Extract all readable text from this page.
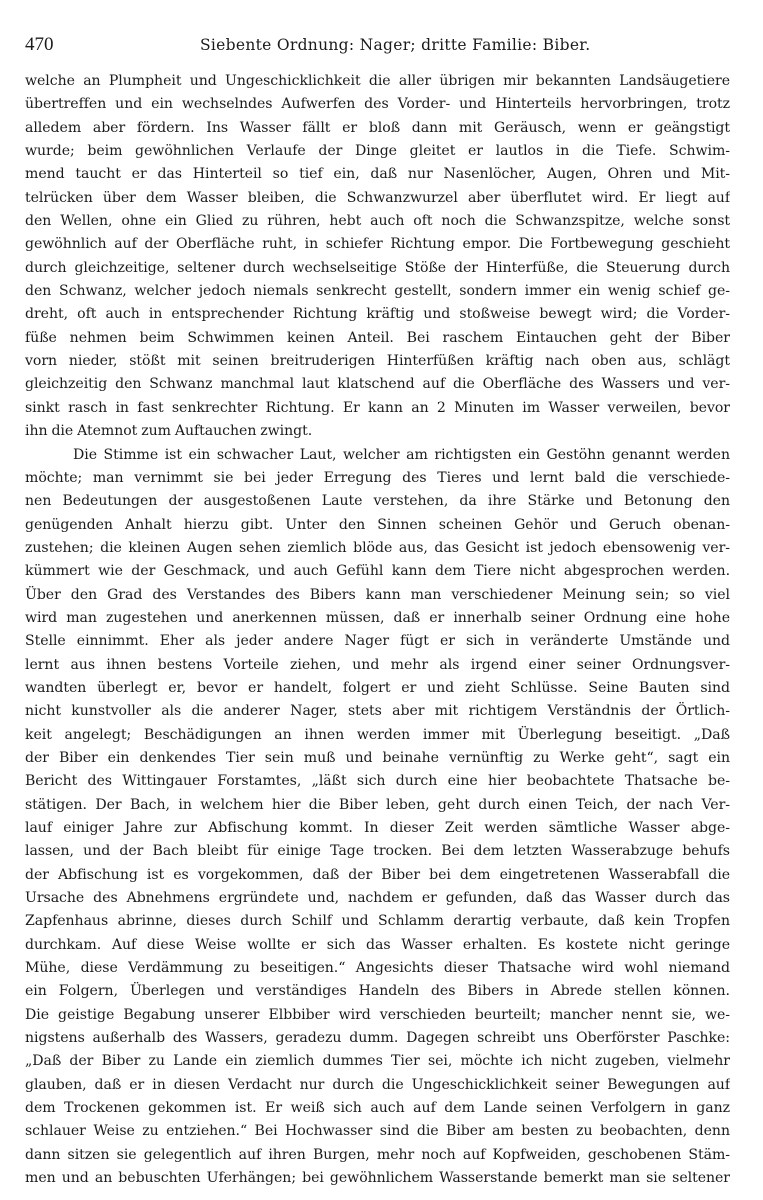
470	Siebente Ordnung: Nager; dritte Familie: Biber.
welche an Plumpheit und Ungeschicklichkeit die aller übrigen mir bekannten Landsäugetiere
übertreffen und ein wechselndes Aufwerfen des Vorder- und Hinterteils hervorbringen, trotz
alledem aber fördern. Ins Wasser fällt er bloß dann mit Geräusch, wenn er geängstigt
wurde; beim gewöhnlichen Verlaufe der Dinge gleitet er lautlos in die Tiefe. Schwim-
mend taucht er das Hinterteil so tief ein, daß nur Nasenlöcher, Augen, Ohren und Mit-
telrücken über dem Wasser bleiben, die Schwanzwurzel aber überflutet wird. Er liegt auf
den Wellen, ohne ein Glied zu rühren, hebt auch oft noch die Schwanzspitze, welche sonst
gewöhnlich auf der Oberfläche ruht, in schiefer Richtung empor. Die Fortbewegung geschieht
durch gleichzeitige, seltener durch wechselseitige Stöße der Hinterfüße, die Steuerung durch
den Schwanz, welcher jedoch niemals senkrecht gestellt, sondern immer ein wenig schief ge-
dreht, oft auch in entsprechender Richtung kräftig und stoßweise bewegt wird; die Vorder-
füße nehmen beim Schwimmen keinen Anteil. Bei raschem Eintauchen geht der Biber
vorn nieder, stößt mit seinen breitruderigen Hinterfüßen kräftig nach oben aus, schlägt
gleichzeitig den Schwanz manchmal laut klatschend auf die Oberfläche des Wassers und ver-
sinkt rasch in fast senkrechter Richtung. Er kann an 2 Minuten im Wasser verweilen, bevor
ihn die Atemnot zum Auftauchen zwingt.
Die Stimme ist ein schwacher Laut, welcher am richtigsten ein Gestöhn genannt werden
möchte; man vernimmt sie bei jeder Erregung des Tieres und lernt bald die verschiede-
nen Bedeutungen der ausgestoßenen Laute verstehen, da ihre Stärke und Betonung den
genügenden Anhalt hierzu gibt. Unter den Sinnen scheinen Gehör und Geruch obenan-
zustehen; die kleinen Augen sehen ziemlich blöde aus, das Gesicht ist jedoch ebensowenig ver-
kümmert wie der Geschmack, und auch Gefühl kann dem Tiere nicht abgesprochen werden.
Über den Grad des Verstandes des Bibers kann man verschiedener Meinung sein; so viel
wird man zugestehen und anerkennen müssen, daß er innerhalb seiner Ordnung eine hohe
Stelle einnimmt. Eher als jeder andere Nager fügt er sich in veränderte Umstände und
lernt aus ihnen bestens Vorteile ziehen, und mehr als irgend einer seiner Ordnungsver-
wandten überlegt er, bevor er handelt, folgert er und zieht Schlüsse. Seine Bauten sind
nicht kunstvoller als die anderer Nager, stets aber mit richtigem Verständnis der Örtlich-
keit angelegt; Beschädigungen an ihnen werden immer mit Überlegung beseitigt. „Daß
der Biber ein denkendes Tier sein muß und beinahe vernünftig zu Werke geht“, sagt ein
Bericht des Wittingauer Forstamtes, „läßt sich durch eine hier beobachtete Thatsache be-
stätigen. Der Bach, in welchem hier die Biber leben, geht durch einen Teich, der nach Ver-
lauf einiger Jahre zur Abfischung kommt. In dieser Zeit werden sämtliche Wasser abge-
lassen, und der Bach bleibt für einige Tage trocken. Bei dem letzten Wasserabzuge behufs
der Abfischung ist es vorgekommen, daß der Biber bei dem eingetretenen Wasserabfall die
Ursache des Abnehmens ergründete und, nachdem er gefunden, daß das Wasser durch das
Zapfenhaus abrinne, dieses durch Schilf und Schlamm derartig verbaute, daß kein Tropfen
durchkam. Auf diese Weise wollte er sich das Wasser erhalten. Es kostete nicht geringe
Mühe, diese Verdämmung zu beseitigen.“ Angesichts dieser Thatsache wird wohl niemand
ein Folgern, Überlegen und verständiges Handeln des Bibers in Abrede stellen können.
Die geistige Begabung unserer Elbbiber wird verschieden beurteilt; mancher nennt sie, we-
nigstens außerhalb des Wassers, geradezu dumm. Dagegen schreibt uns Oberförster Paschke:
„Daß der Biber zu Lande ein ziemlich dummes Tier sei, möchte ich nicht zugeben, vielmehr
glauben, daß er in diesen Verdacht nur durch die Ungeschicklichkeit seiner Bewegungen auf
dem Trockenen gekommen ist. Er weiß sich auch auf dem Lande seinen Verfolgern in ganz
schlauer Weise zu entziehen.“ Bei Hochwasser sind die Biber am besten zu beobachten, denn
dann sitzen sie gelegentlich auf ihren Burgen, mehr noch auf Kopfweiden, geschobenen Stäm-
men und an bebuschten Uferhängen; bei gewöhnlichem Wasserstande bemerkt man sie seltener
